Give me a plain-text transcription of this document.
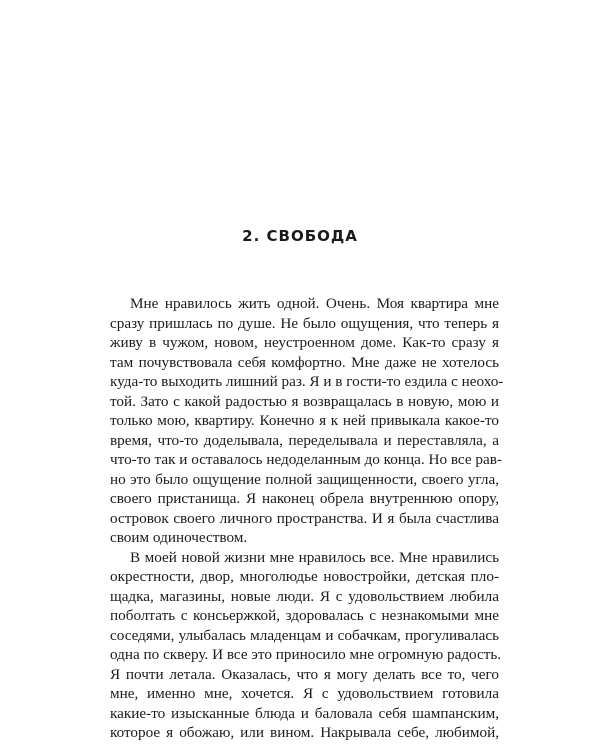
2. СВОБОДА
Мне нравилось жить одной. Очень. Моя квартира мне
сразу пришлась по душе. Не было ощущения, что теперь я
живу в чужом, новом, неустроенном доме. Как-то сразу я
там почувствовала себя комфортно. Мне даже не хотелось
куда-то выходить лишний раз. Я и в гости-то ездила с неохо-
той. Зато с какой радостью я возвращалась в новую, мою и
только мою, квартиру. Конечно я к ней привыкала какое-то
время, что-то доделывала, переделывала и переставляла, а
что-то так и оставалось недоделанным до конца. Но все рав-
но это было ощущение полной защищенности, своего угла,
своего пристанища. Я наконец обрела внутреннюю опору,
островок своего личного пространства. И я была счастлива
своим одиночеством.
В моей новой жизни мне нравилось все. Мне нравились
окрестности, двор, многолюдье новостройки, детская пло-
щадка, магазины, новые люди. Я с удовольствием любила
поболтать с консьержкой, здоровалась с незнакомыми мне
соседями, улыбалась младенцам и собачкам, прогуливалась
одна по скверу. И все это приносило мне огромную радость.
Я почти летала. Оказалась, что я могу делать все то, чего
мне, именно мне, хочется. Я с удовольствием готовила
какие-то изысканные блюда и баловала себя шампанским,
которое я обожаю, или вином. Накрывала себе, любимой,
